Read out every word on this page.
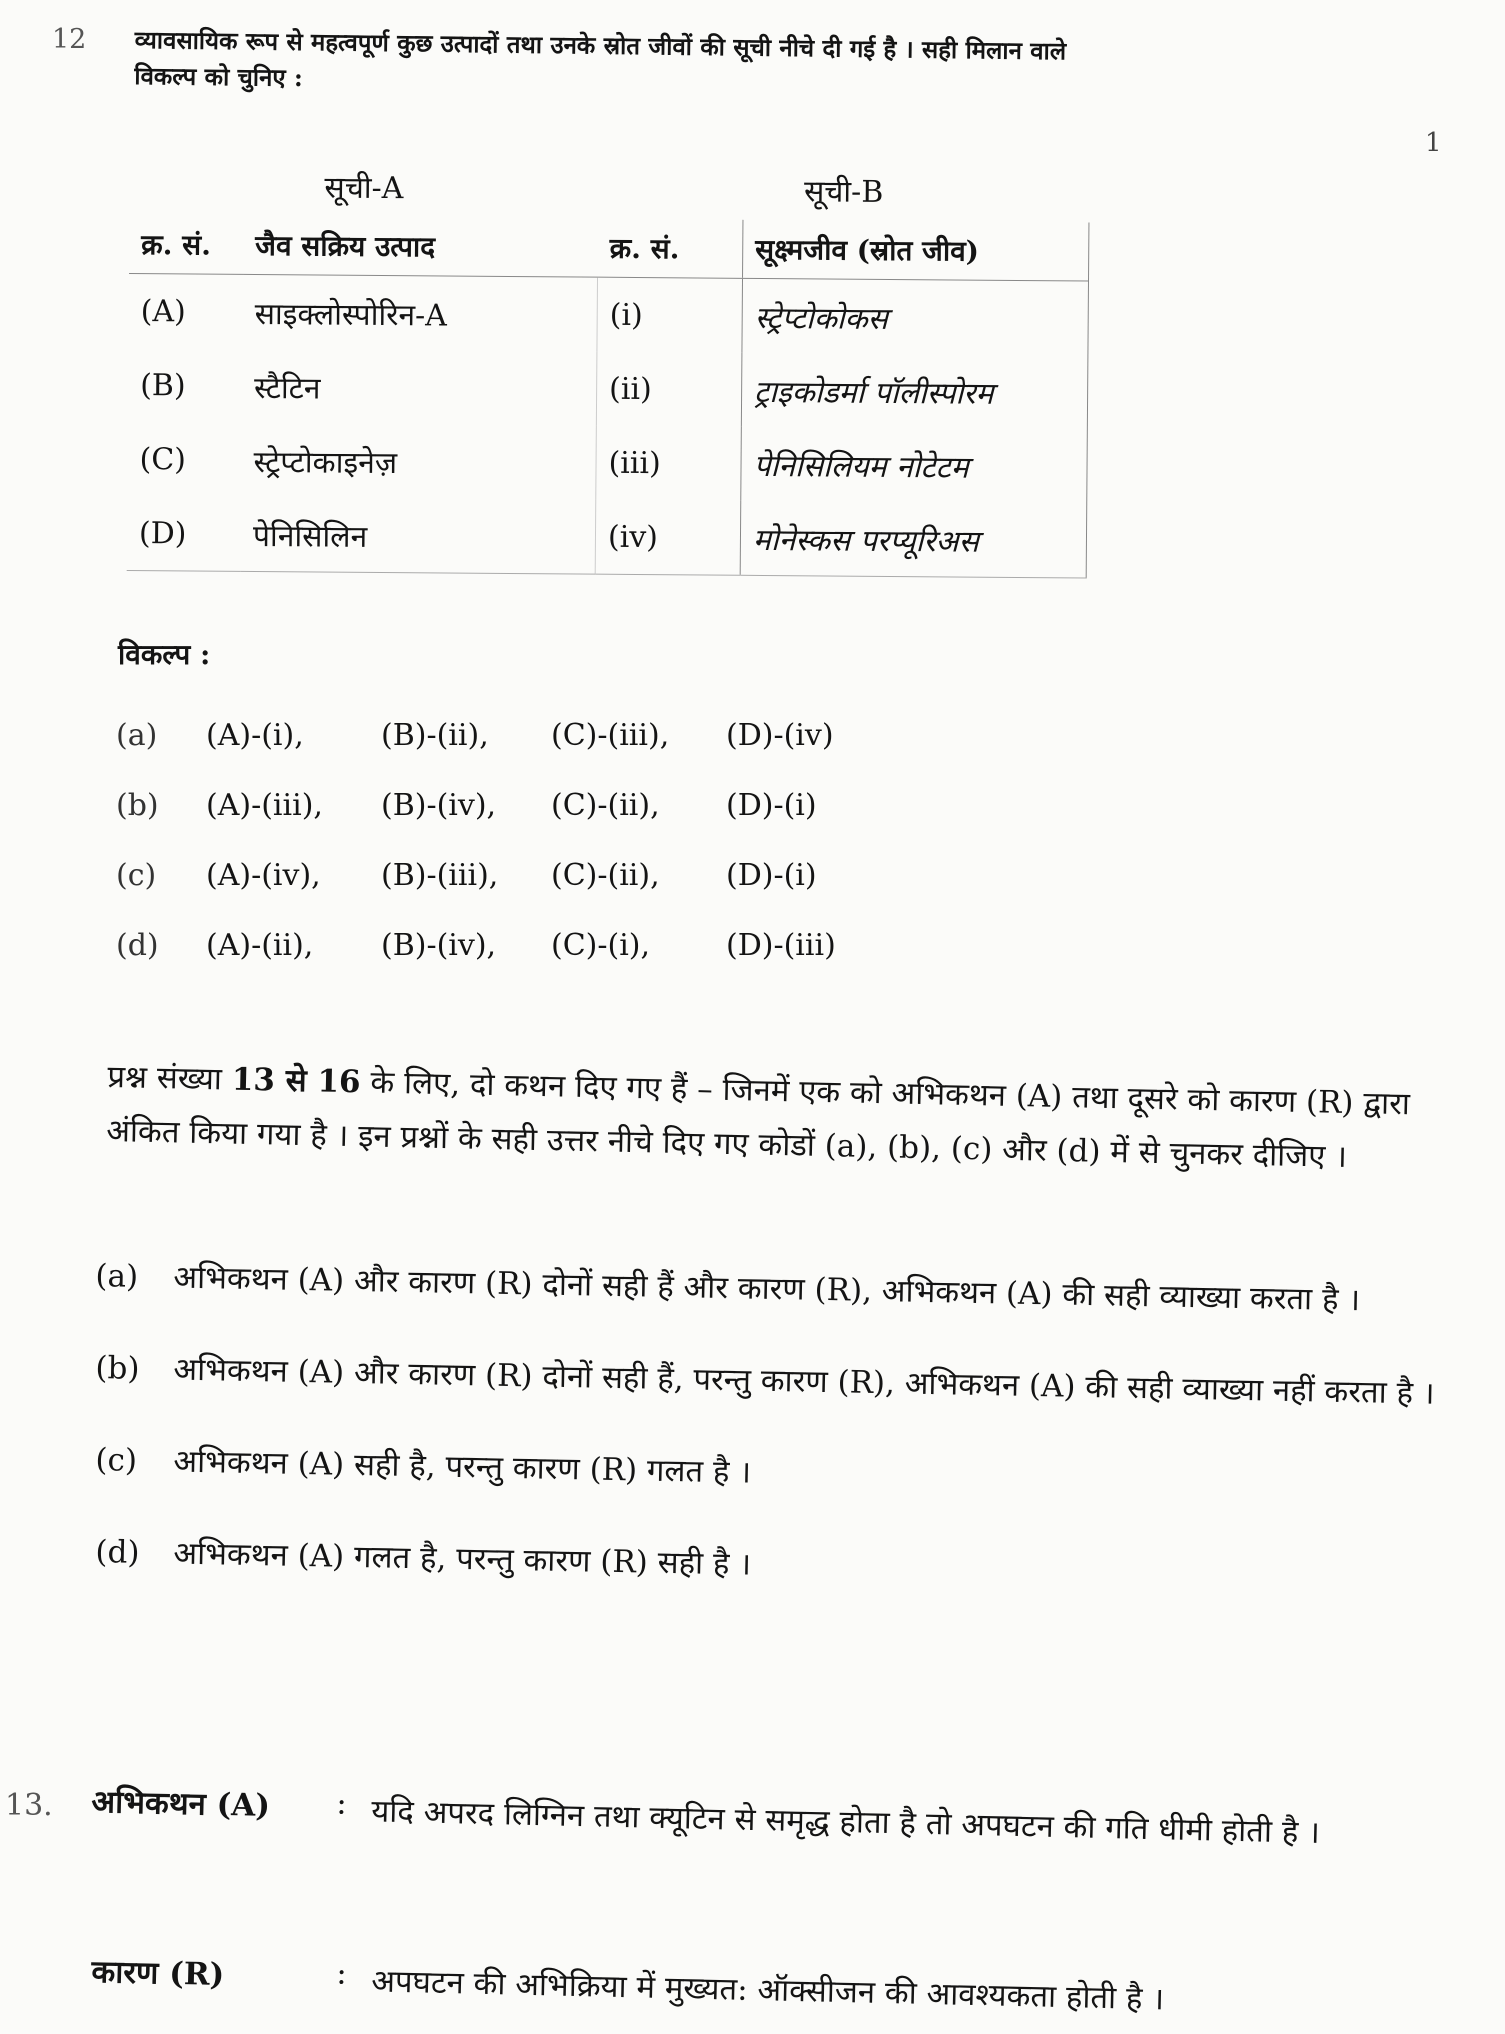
12 व्यावसायिक रूप से महत्वपूर्ण कुछ उत्पादों तथा उनके स्रोत जीवों की सूची नीचे दी गई है । सही मिलान वाले
विकल्प को चुनिए :
1
सूची-A		सूची-B	
क्र. सं.	जैव सक्रिय उत्पाद	क्र. सं.	सूक्ष्मजीव (स्रोत जीव)
(A)	साइक्लोस्पोरिन-A	(i)	स्ट्रेप्टोकोकस
(B)	स्टैटिन	(ii)	ट्राइकोडर्मा पॉलीस्पोरम
(C)	स्ट्रेप्टोकाइनेज़	(iii)	पेनिसिलियम नोटेटम
(D)	पेनिसिलिन	(iv)	मोनेस्कस परप्यूरिअस
विकल्प :
(a)	(A)-(i),	(B)-(ii),	(C)-(iii),	(D)-(iv)
(b)	(A)-(iii),	(B)-(iv),	(C)-(ii),	(D)-(i)
(c)	(A)-(iv),	(B)-(iii),	(C)-(ii),	(D)-(i)
(d)	(A)-(ii),	(B)-(iv),	(C)-(i),	(D)-(iii)
प्रश्न संख्या 13 से 16 के लिए, दो कथन दिए गए हैं – जिनमें एक को अभिकथन (A) तथा दूसरे को कारण (R) द्वारा अंकित किया गया है । इन प्रश्नों के सही उत्तर नीचे दिए गए कोडों (a), (b), (c) और (d) में से चुनकर दीजिए ।
(a) अभिकथन (A) और कारण (R) दोनों सही हैं और कारण (R), अभिकथन (A) की सही व्याख्या करता है ।
(b) अभिकथन (A) और कारण (R) दोनों सही हैं, परन्तु कारण (R), अभिकथन (A) की सही व्याख्या नहीं करता है ।
(c) अभिकथन (A) सही है, परन्तु कारण (R) गलत है ।
(d) अभिकथन (A) गलत है, परन्तु कारण (R) सही है ।
13. अभिकथन (A)	: यदि अपरद लिग्निन तथा क्यूटिन से समृद्ध होता है तो अपघटन की गति धीमी होती है ।
कारण (R)	: अपघटन की अभिक्रिया में मुख्यत: ऑक्सीजन की आवश्यकता होती है ।
